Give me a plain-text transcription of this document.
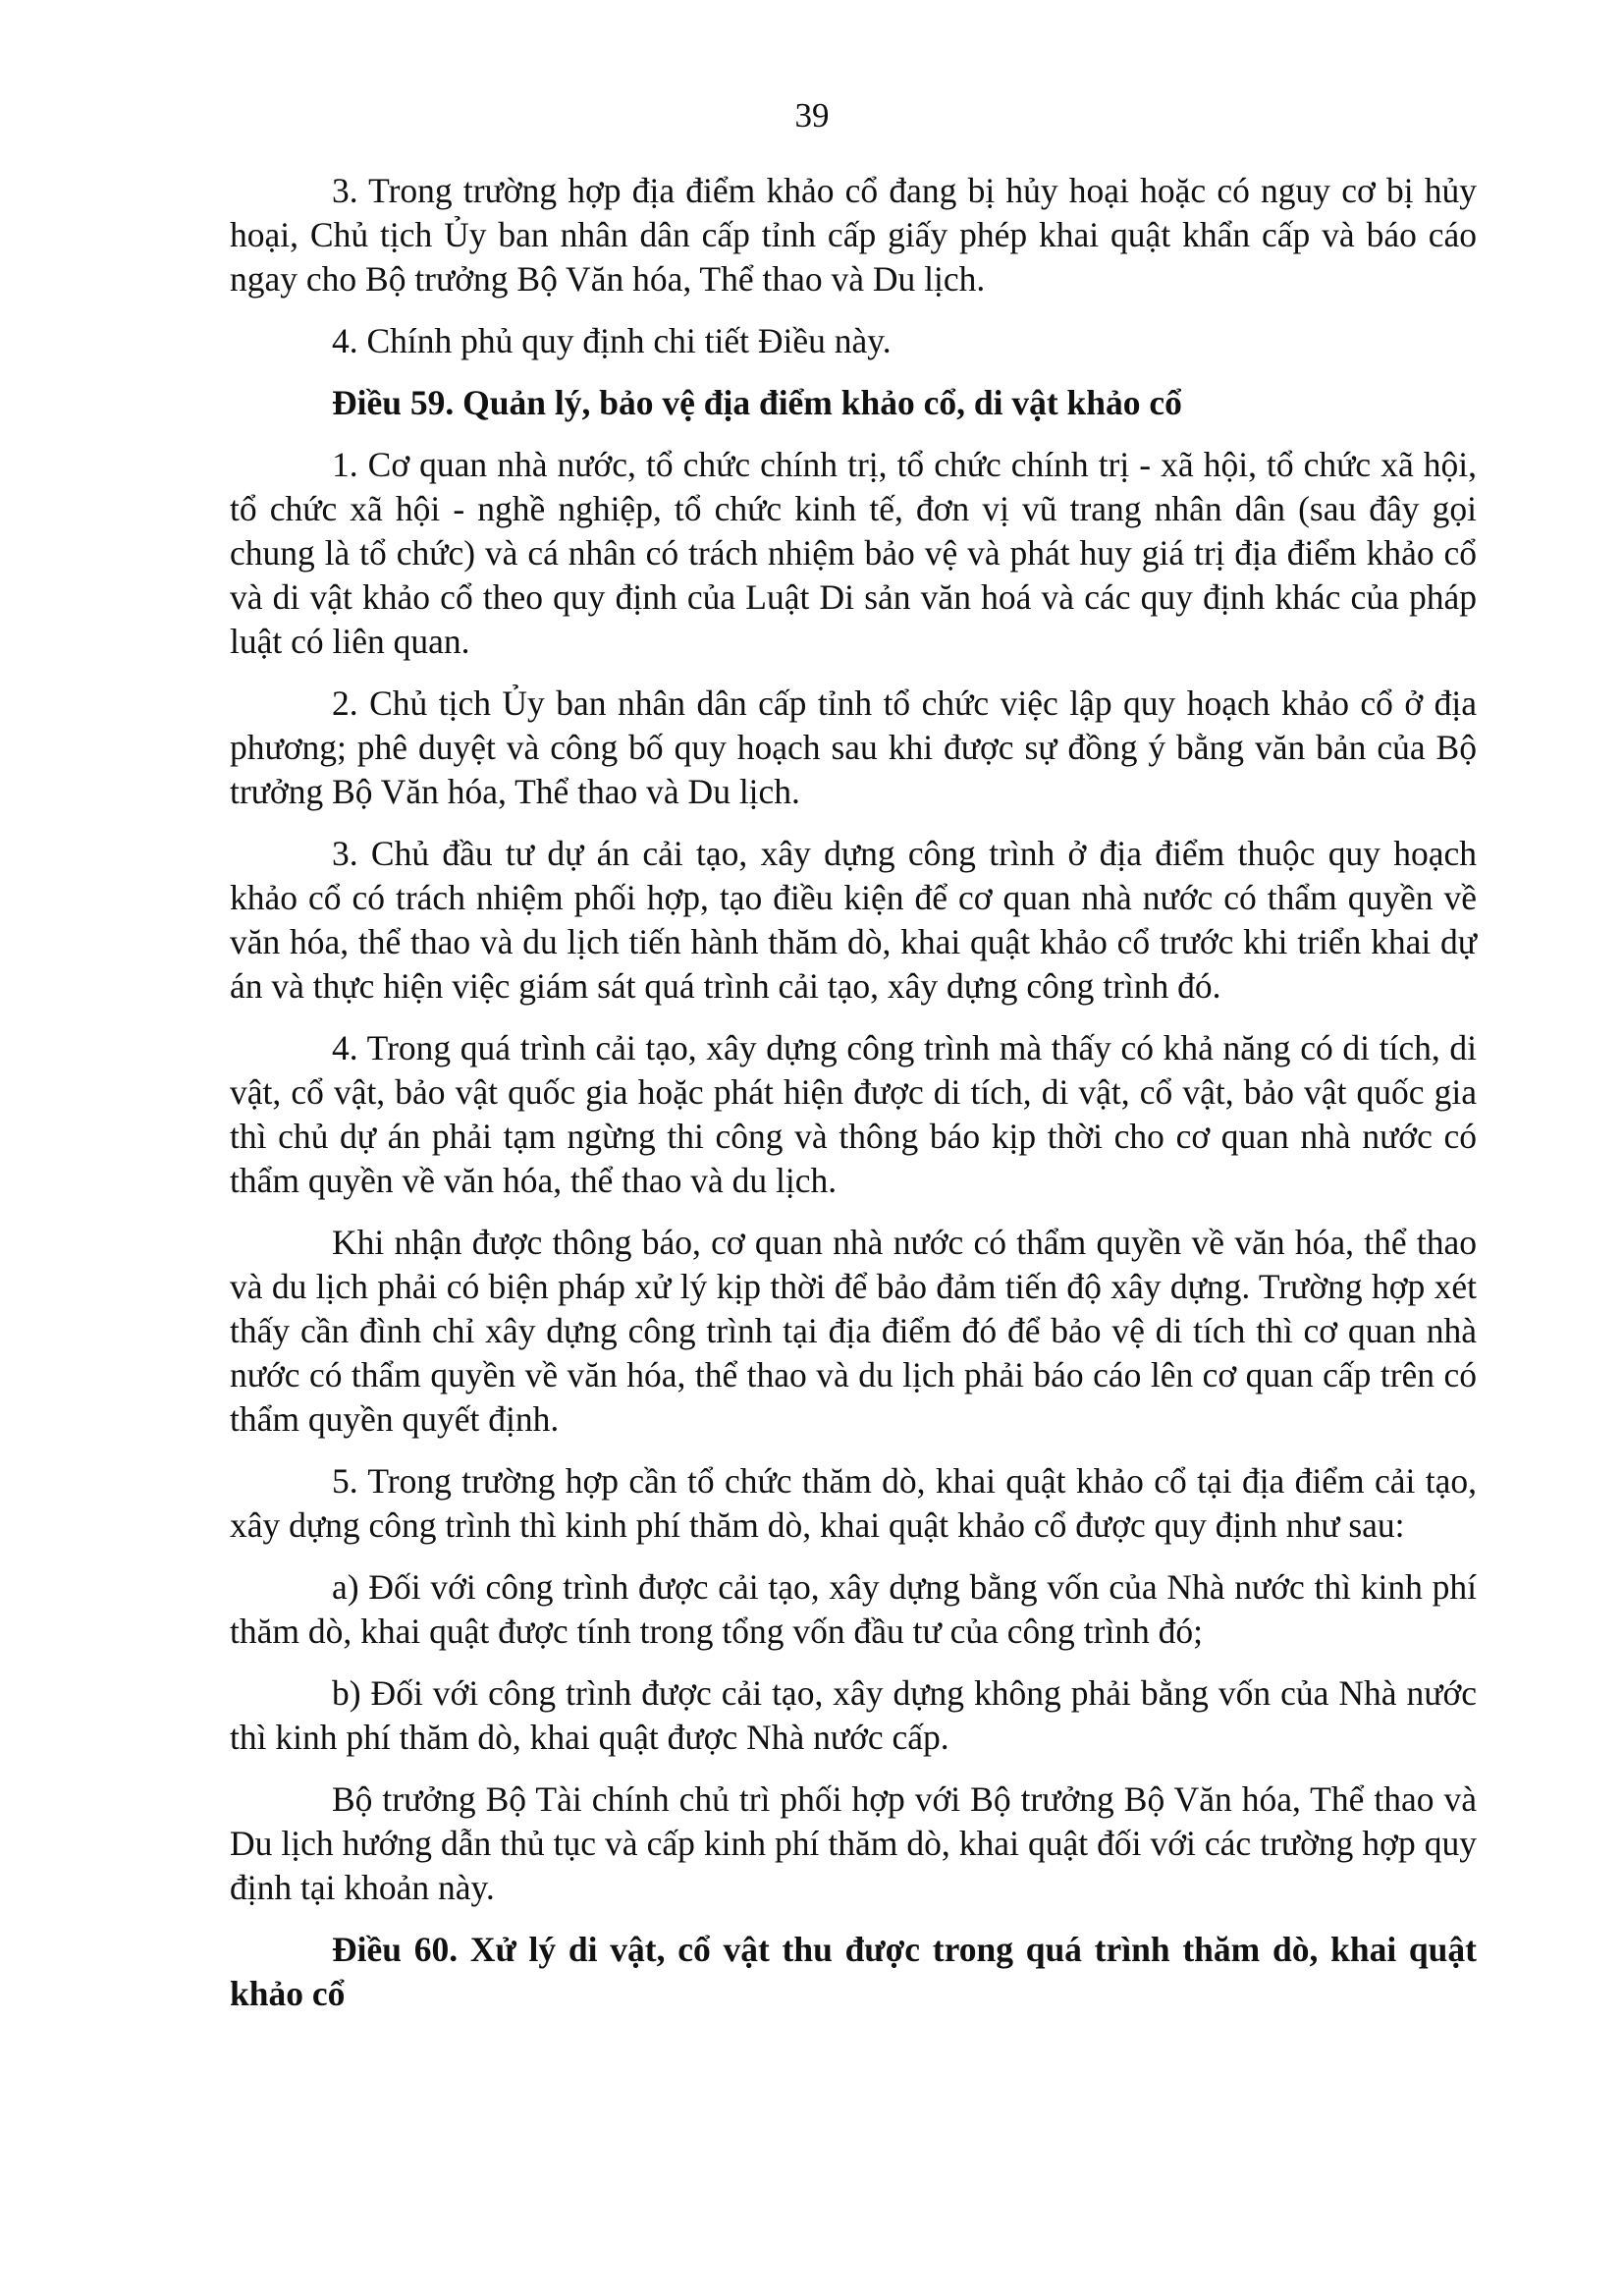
39

3. Trong trường hợp địa điểm khảo cổ đang bị hủy hoại hoặc có nguy cơ bị hủy hoại, Chủ tịch Ủy ban nhân dân cấp tỉnh cấp giấy phép khai quật khẩn cấp và báo cáo ngay cho Bộ trưởng Bộ Văn hóa, Thể thao và Du lịch.

4. Chính phủ quy định chi tiết Điều này.

Điều 59. Quản lý, bảo vệ địa điểm khảo cổ, di vật khảo cổ

1. Cơ quan nhà nước, tổ chức chính trị, tổ chức chính trị - xã hội, tổ chức xã hội, tổ chức xã hội - nghề nghiệp, tổ chức kinh tế, đơn vị vũ trang nhân dân (sau đây gọi chung là tổ chức) và cá nhân có trách nhiệm bảo vệ và phát huy giá trị địa điểm khảo cổ và di vật khảo cổ theo quy định của Luật Di sản văn hoá và các quy định khác của pháp luật có liên quan.

2. Chủ tịch Ủy ban nhân dân cấp tỉnh tổ chức việc lập quy hoạch khảo cổ ở địa phương; phê duyệt và công bố quy hoạch sau khi được sự đồng ý bằng văn bản của Bộ trưởng Bộ Văn hóa, Thể thao và Du lịch.

3. Chủ đầu tư dự án cải tạo, xây dựng công trình ở địa điểm thuộc quy hoạch khảo cổ có trách nhiệm phối hợp, tạo điều kiện để cơ quan nhà nước có thẩm quyền về văn hóa, thể thao và du lịch tiến hành thăm dò, khai quật khảo cổ trước khi triển khai dự án và thực hiện việc giám sát quá trình cải tạo, xây dựng công trình đó.

4. Trong quá trình cải tạo, xây dựng công trình mà thấy có khả năng có di tích, di vật, cổ vật, bảo vật quốc gia hoặc phát hiện được di tích, di vật, cổ vật, bảo vật quốc gia thì chủ dự án phải tạm ngừng thi công và thông báo kịp thời cho cơ quan nhà nước có thẩm quyền về văn hóa, thể thao và du lịch.

Khi nhận được thông báo, cơ quan nhà nước có thẩm quyền về văn hóa, thể thao và du lịch phải có biện pháp xử lý kịp thời để bảo đảm tiến độ xây dựng. Trường hợp xét thấy cần đình chỉ xây dựng công trình tại địa điểm đó để bảo vệ di tích thì cơ quan nhà nước có thẩm quyền về văn hóa, thể thao và du lịch phải báo cáo lên cơ quan cấp trên có thẩm quyền quyết định.

5. Trong trường hợp cần tổ chức thăm dò, khai quật khảo cổ tại địa điểm cải tạo, xây dựng công trình thì kinh phí thăm dò, khai quật khảo cổ được quy định như sau:

a) Đối với công trình được cải tạo, xây dựng bằng vốn của Nhà nước thì kinh phí thăm dò, khai quật được tính trong tổng vốn đầu tư của công trình đó;

b) Đối với công trình được cải tạo, xây dựng không phải bằng vốn của Nhà nước thì kinh phí thăm dò, khai quật được Nhà nước cấp.

Bộ trưởng Bộ Tài chính chủ trì phối hợp với Bộ trưởng Bộ Văn hóa, Thể thao và Du lịch hướng dẫn thủ tục và cấp kinh phí thăm dò, khai quật đối với các trường hợp quy định tại khoản này.

Điều 60. Xử lý di vật, cổ vật thu được trong quá trình thăm dò, khai quật khảo cổ
